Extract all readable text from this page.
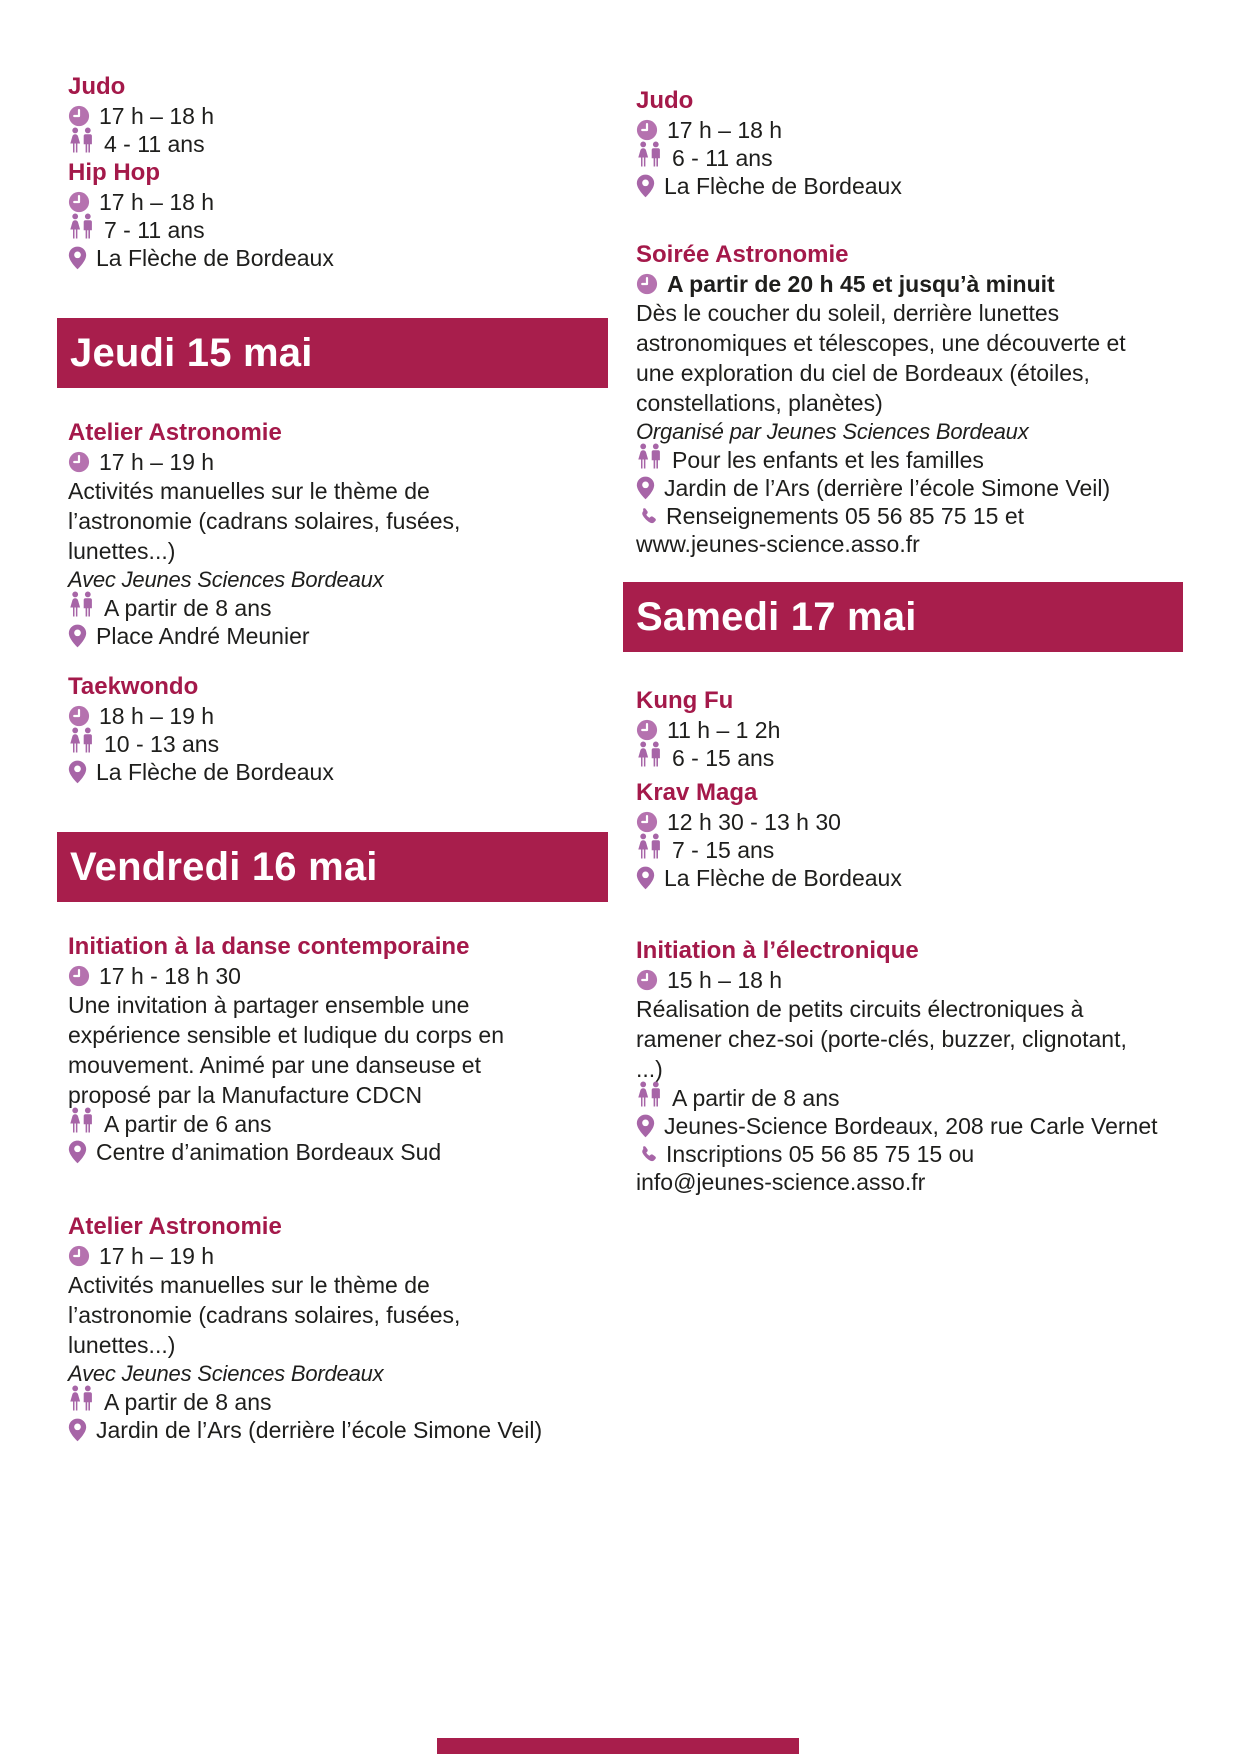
Judo
17 h – 18 h
4 - 11 ans
Hip Hop
17 h – 18 h
7 - 11 ans
La Flèche de Bordeaux
Jeudi 15 mai
Atelier Astronomie
17 h – 19 h

Activités manuelles sur le thème de l’astronomie (cadrans solaires, fusées, lunettes...)

Avec Jeunes Sciences Bordeaux

A partir de 8 ans
Place André Meunier
Taekwondo
18 h – 19 h
10 - 13 ans
La Flèche de Bordeaux
Vendredi 16 mai
Initiation à la danse contemporaine
17 h - 18 h 30

Une invitation à partager ensemble une expérience sensible et ludique du corps en mouvement. Animé par une danseuse et proposé par la Manufacture CDCN

A partir de 6 ans
Centre d’animation Bordeaux Sud
Atelier Astronomie
17 h – 19 h

Activités manuelles sur le thème de l’astronomie (cadrans solaires, fusées, lunettes...)

Avec Jeunes Sciences Bordeaux

A partir de 8 ans
Jardin de l’Ars (derrière l’école Simone Veil)
Judo
17 h – 18 h
6 - 11 ans
La Flèche de Bordeaux
Soirée Astronomie
A partir de 20 h 45 et jusqu’à minuit

Dès le coucher du soleil, derrière lunettes astronomiques et télescopes, une découverte et une exploration du ciel de Bordeaux (étoiles, constellations, planètes)

Organisé par Jeunes Sciences Bordeaux

Pour les enfants et les familles
Jardin de l’Ars (derrière l’école Simone Veil)
Renseignements 05 56 85 75 15 et
www.jeunes-science.asso.fr
Samedi 17 mai
Kung Fu
11 h – 1 2h
6 - 15 ans
Krav Maga
12 h 30 - 13 h 30
7 - 15 ans
La Flèche de Bordeaux
Initiation à l’électronique
15 h – 18 h

Réalisation de petits circuits électroniques à ramener chez-soi (porte-clés, buzzer, clignotant, ...)

A partir de 8 ans
Jeunes-Science Bordeaux, 208 rue Carle Vernet
Inscriptions 05 56 85 75 15 ou
info@jeunes-science.asso.fr
